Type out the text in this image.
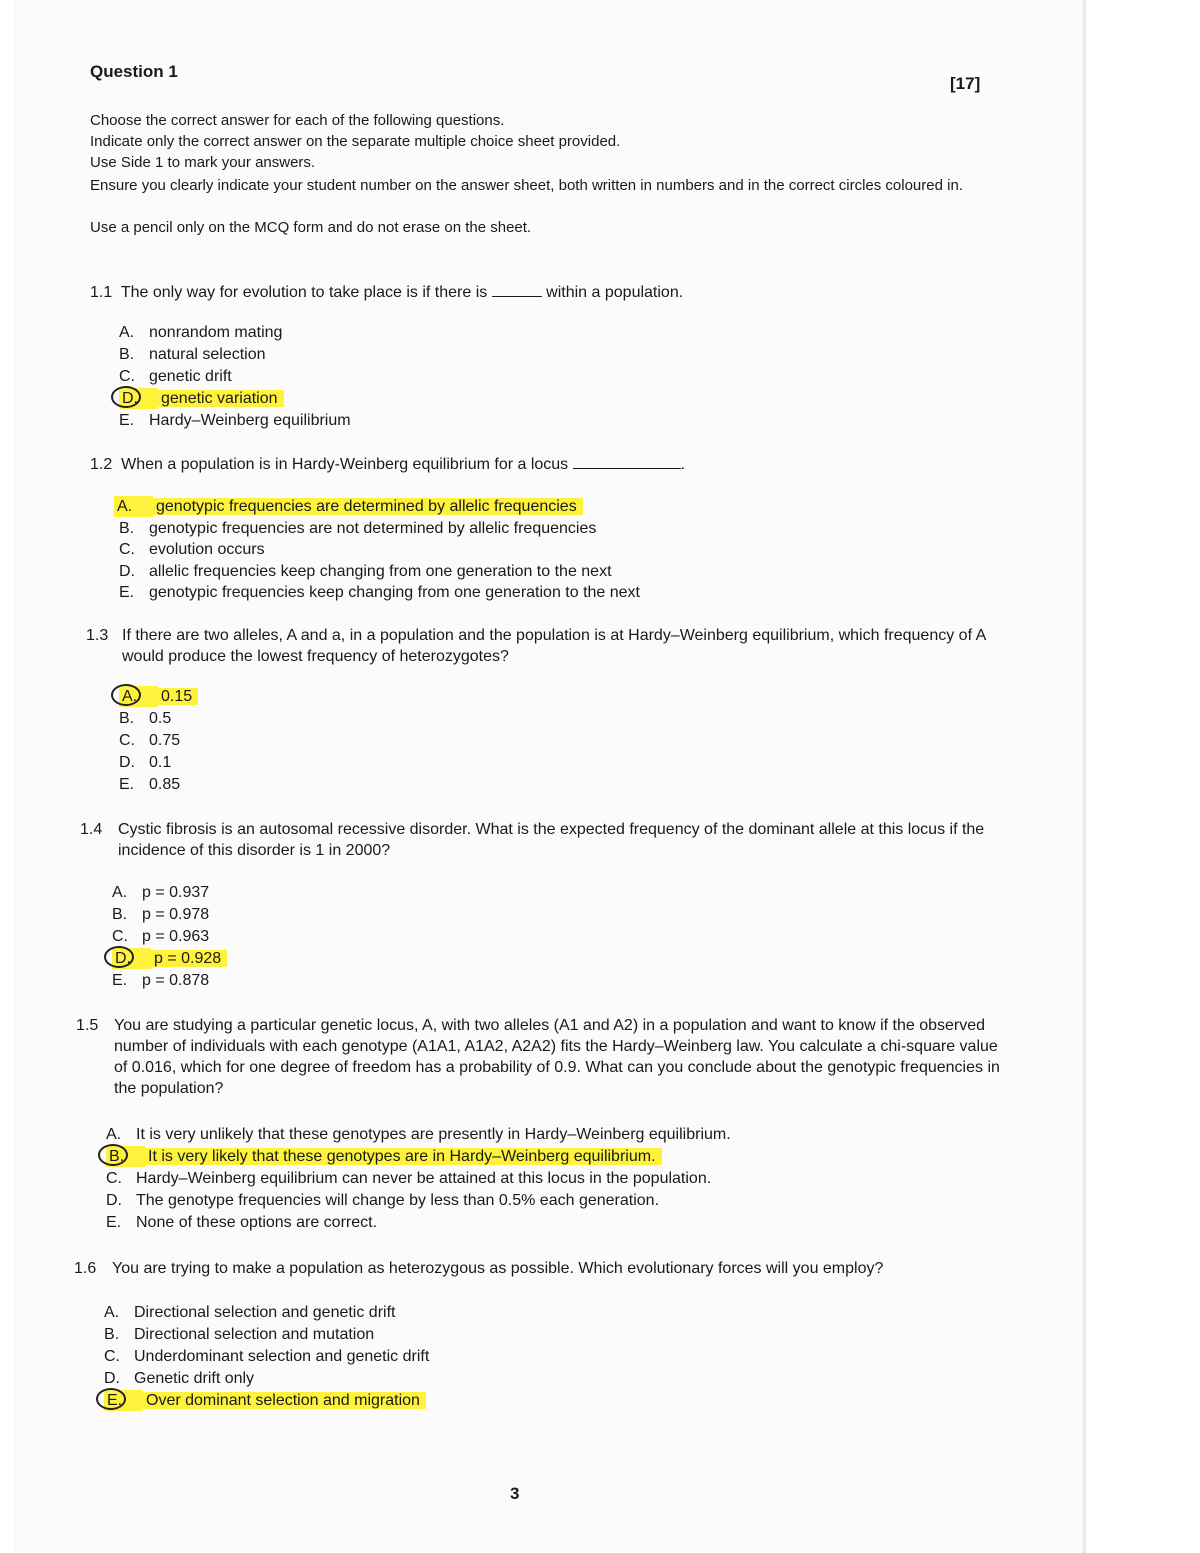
Question 1
[17]
Choose the correct answer for each of the following questions.
Indicate only the correct answer on the separate multiple choice sheet provided.
Use Side 1 to mark your answers.
Ensure you clearly indicate your student number on the answer sheet, both written in numbers and in the correct circles coloured in.
Use a pencil only on the MCQ form and do not erase on the sheet.
1.1 The only way for evolution to take place is if there is	within a population.
A. nonrandom mating
B. natural selection
C. genetic drift
D. genetic variation
E. Hardy–Weinberg equilibrium
1.2 When a population is in Hardy-Weinberg equilibrium for a locus	.
A. genotypic frequencies are determined by allelic frequencies
B. genotypic frequencies are not determined by allelic frequencies
C. evolution occurs
D. allelic frequencies keep changing from one generation to the next
E. genotypic frequencies keep changing from one generation to the next
1.3 If there are two alleles, A and a, in a population and the population is at Hardy–Weinberg equilibrium, which frequency of A would produce the lowest frequency of heterozygotes?
A. 0.15
B. 0.5
C. 0.75
D. 0.1
E. 0.85
1.4 Cystic fibrosis is an autosomal recessive disorder. What is the expected frequency of the dominant allele at this locus if the incidence of this disorder is 1 in 2000?
A. p = 0.937
B. p = 0.978
C. p = 0.963
D. p = 0.928
E. p = 0.878
1.5 You are studying a particular genetic locus, A, with two alleles (A1 and A2) in a population and want to know if the observed number of individuals with each genotype (A1A1, A1A2, A2A2) fits the Hardy–Weinberg law. You calculate a chi-square value of 0.016, which for one degree of freedom has a probability of 0.9. What can you conclude about the genotypic frequencies in the population?
A. It is very unlikely that these genotypes are presently in Hardy–Weinberg equilibrium.
B. It is very likely that these genotypes are in Hardy–Weinberg equilibrium.
C. Hardy–Weinberg equilibrium can never be attained at this locus in the population.
D. The genotype frequencies will change by less than 0.5% each generation.
E. None of these options are correct.
1.6 You are trying to make a population as heterozygous as possible. Which evolutionary forces will you employ?
A. Directional selection and genetic drift
B. Directional selection and mutation
C. Underdominant selection and genetic drift
D. Genetic drift only
E. Over dominant selection and migration
3
